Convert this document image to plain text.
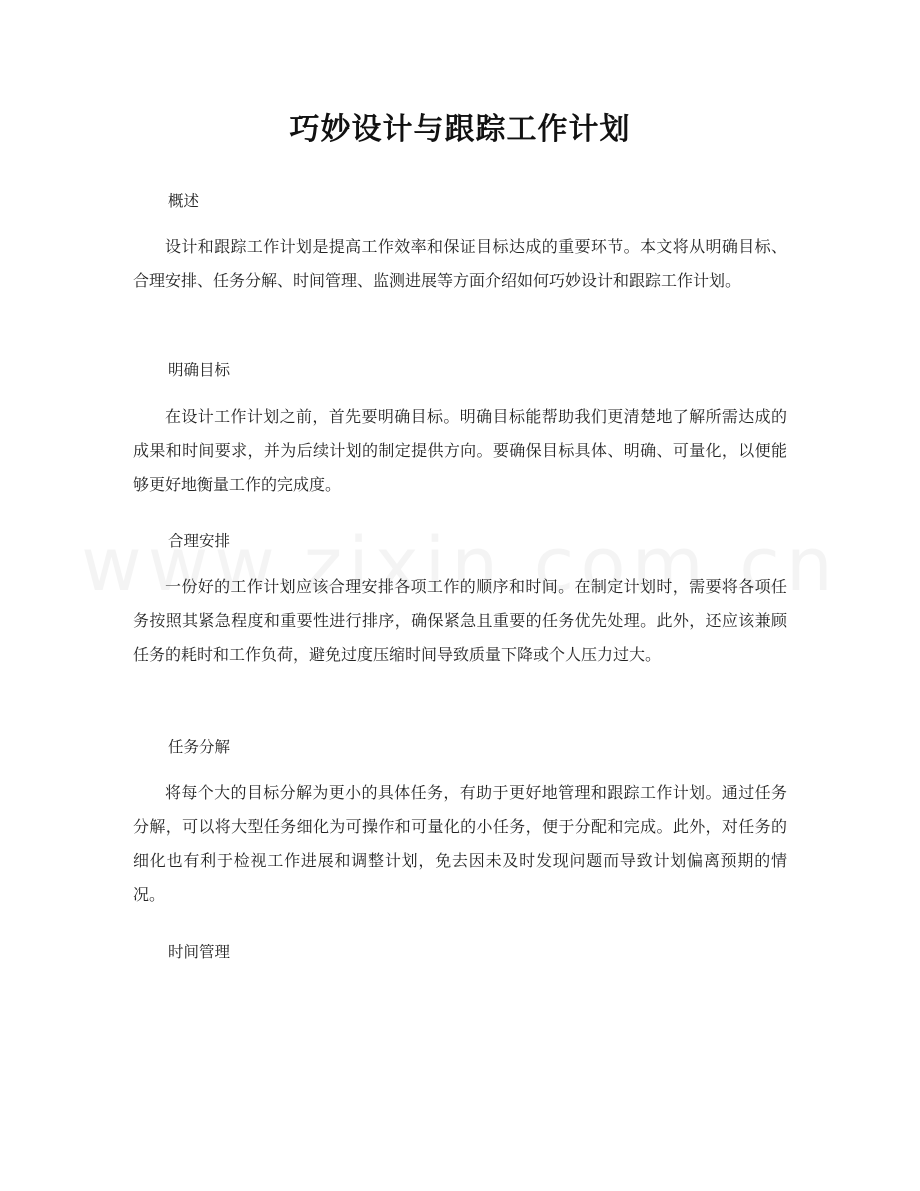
巧妙设计与跟踪工作计划
概述

设计和跟踪工作计划是提高工作效率和保证目标达成的重要环节。本文将从明确目标、合理安排、任务分解、时间管理、监测进展等方面介绍如何巧妙设计和跟踪工作计划。

明确目标

在设计工作计划之前，首先要明确目标。明确目标能帮助我们更清楚地了解所需达成的成果和时间要求，并为后续计划的制定提供方向。要确保目标具体、明确、可量化，以便能够更好地衡量工作的完成度。

合理安排

一份好的工作计划应该合理安排各项工作的顺序和时间。在制定计划时，需要将各项任务按照其紧急程度和重要性进行排序，确保紧急且重要的任务优先处理。此外，还应该兼顾任务的耗时和工作负荷，避免过度压缩时间导致质量下降或个人压力过大。

任务分解

将每个大的目标分解为更小的具体任务，有助于更好地管理和跟踪工作计划。通过任务分解，可以将大型任务细化为可操作和可量化的小任务，便于分配和完成。此外，对任务的细化也有利于检视工作进展和调整计划，免去因未及时发现问题而导致计划偏离预期的情况。

时间管理
